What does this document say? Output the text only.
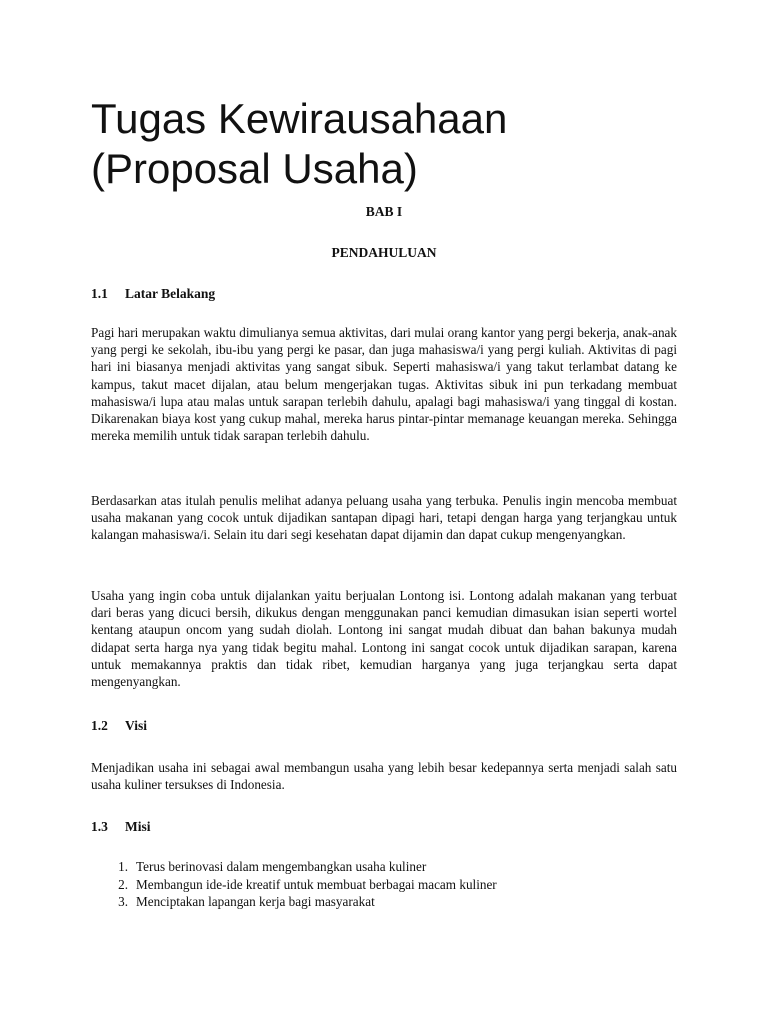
Tugas Kewirausahaan
(Proposal Usaha)
BAB I
PENDAHULUAN
1.1 Latar Belakang

Pagi hari merupakan waktu dimulianya semua aktivitas, dari mulai orang kantor yang pergi bekerja, anak-anak yang pergi ke sekolah, ibu-ibu yang pergi ke pasar, dan juga mahasiswa/i yang pergi kuliah. Aktivitas di pagi hari ini biasanya menjadi aktivitas yang sangat sibuk. Seperti mahasiswa/i yang takut terlambat datang ke kampus, takut macet dijalan, atau belum mengerjakan tugas. Aktivitas sibuk ini pun terkadang membuat mahasiswa/i lupa atau malas untuk sarapan terlebih dahulu, apalagi bagi mahasiswa/i yang tinggal di kostan. Dikarenakan biaya kost yang cukup mahal, mereka harus pintar-pintar memanage keuangan mereka. Sehingga mereka memilih untuk tidak sarapan terlebih dahulu.

Berdasarkan atas itulah penulis melihat adanya peluang usaha yang terbuka. Penulis ingin mencoba membuat usaha makanan yang cocok untuk dijadikan santapan dipagi hari, tetapi dengan harga yang terjangkau untuk kalangan mahasiswa/i. Selain itu dari segi kesehatan dapat dijamin dan dapat cukup mengenyangkan.

Usaha yang ingin coba untuk dijalankan yaitu berjualan Lontong isi. Lontong adalah makanan yang terbuat dari beras yang dicuci bersih, dikukus dengan menggunakan panci kemudian dimasukan isian seperti wortel kentang ataupun oncom yang sudah diolah. Lontong ini sangat mudah dibuat dan bahan bakunya mudah didapat serta harga nya yang tidak begitu mahal. Lontong ini sangat cocok untuk dijadikan sarapan, karena untuk memakannya praktis dan tidak ribet, kemudian harganya yang juga terjangkau serta dapat mengenyangkan.

1.2 Visi

Menjadikan usaha ini sebagai awal membangun usaha yang lebih besar kedepannya serta menjadi salah satu usaha kuliner tersukses di Indonesia.

1.3 Misi
1. Terus berinovasi dalam mengembangkan usaha kuliner
2. Membangun ide-ide kreatif untuk membuat berbagai macam kuliner
3. Menciptakan lapangan kerja bagi masyarakat
